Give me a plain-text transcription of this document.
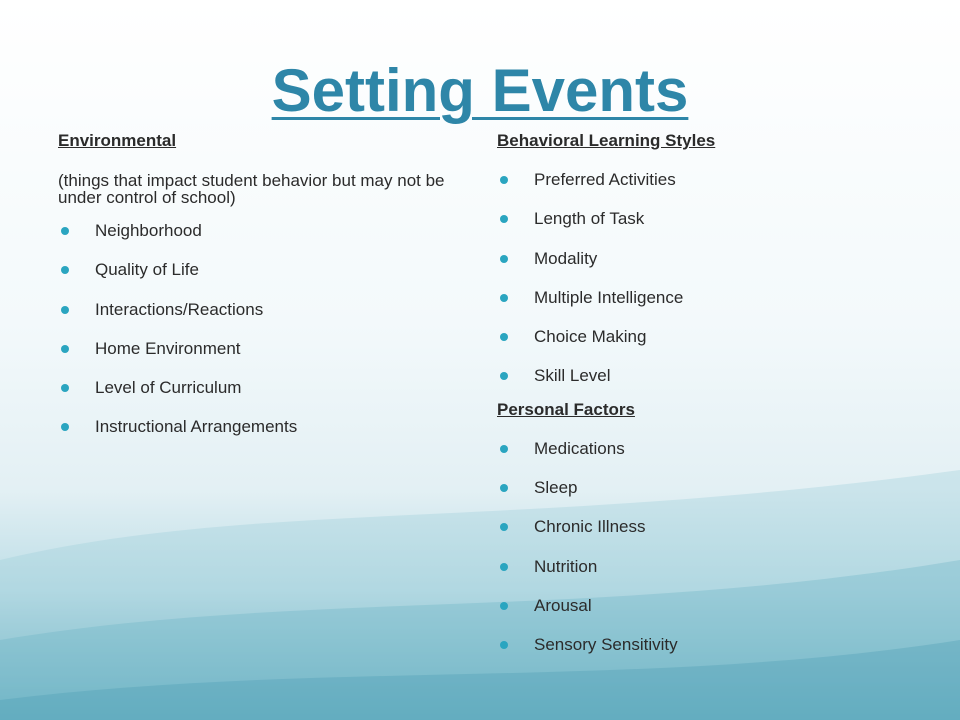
Setting Events
Environmental
(things that impact student behavior but may not be under control of school)
Neighborhood
Quality of Life
Interactions/Reactions
Home Environment
Level of Curriculum
Instructional Arrangements
Behavioral Learning Styles
Preferred Activities
Length of Task
Modality
Multiple Intelligence
Choice Making
Skill Level
Personal Factors
Medications
Sleep
Chronic Illness
Nutrition
Arousal
Sensory Sensitivity
